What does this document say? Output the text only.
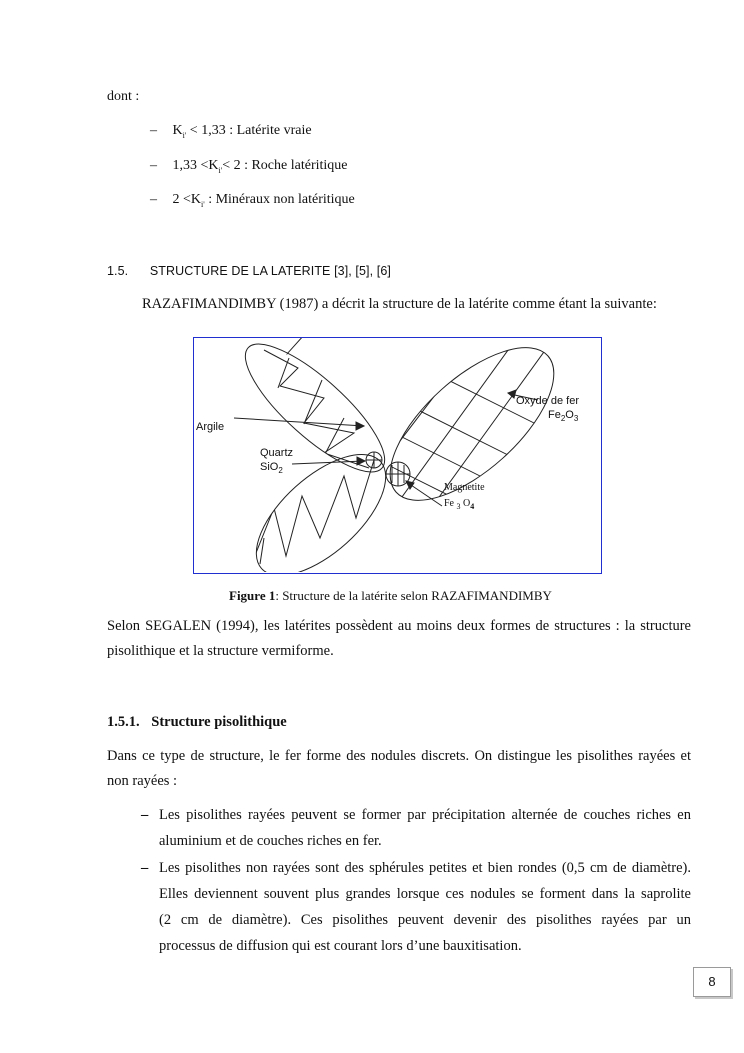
dont :
– $K_{i'} < 1,33$ : Latérite vraie
– $1,33 <K_{i'}< 2$ : Roche latéritique
– $2 <K_{i'}$ : Minéraux non latéritique
1.5. STRUCTURE DE LA LATERITE [3], [5], [6]
RAZAFIMANDIMBY (1987) a décrit la structure de la latérite comme étant la suivante:
Argile
Quartz
SiO$_2$
Oxyde de fer
$Fe_2O_3$
Magnetite
Fe $_3$ $O_4$
Figure 1: Structure de la latérite selon RAZAFIMANDIMBY
Selon SEGALEN (1994), les latérites possèdent au moins deux formes de structures : la structure
pisolithique et la structure vermiforme.
1.5.1. Structure pisolithique
Dans ce type de structure, le fer forme des nodules discrets. On distingue les pisolithes rayées et
non rayées :
– Les pisolithes rayées peuvent se former par précipitation alternée de couches riches en
aluminium et de couches riches en fer.
– Les pisolithes non rayées sont des sphérules petites et bien rondes (0,5 cm de diamètre).
Elles deviennent souvent plus grandes lorsque ces nodules se forment dans la saprolite
(2 cm de diamètre). Ces pisolithes peuvent devenir des pisolithes rayées par un
processus de diffusion qui est courant lors d’une bauxitisation.
8
